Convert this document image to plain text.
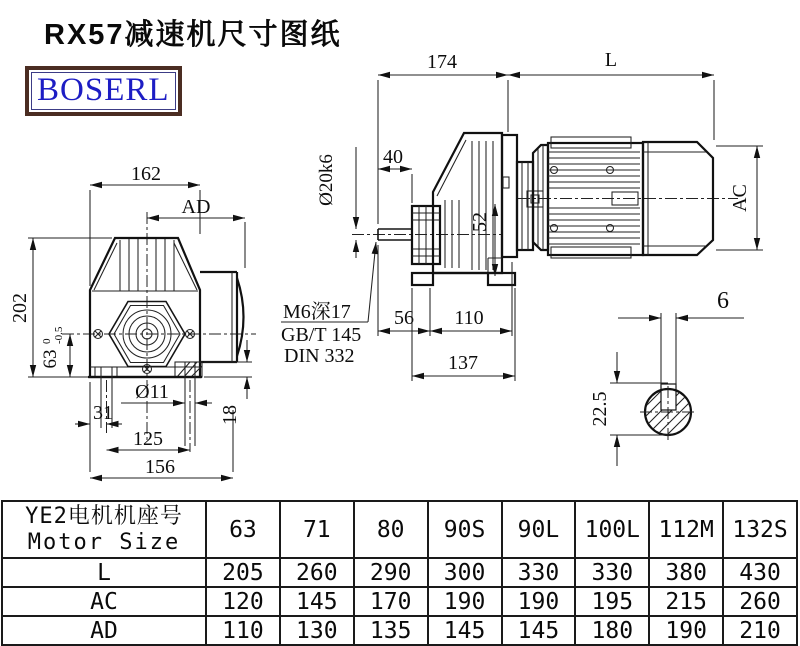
RX57减速机尺寸图纸
BOSERL
162
AD
202
63
0 -0.5
31
Ø11
125
156
18
174	L
40
Ø20k6
52
56 110
137
AC
M6深17
GB/T 145
DIN 332
6
22.5
YE2电机机座号
Motor Size	63	71	80	90S	90L	100L	112M	132S
L	205	260	290	300	330	330	380	430
AC	120	145	170	190	190	195	215	260
AD	110	130	135	145	145	180	190	210
